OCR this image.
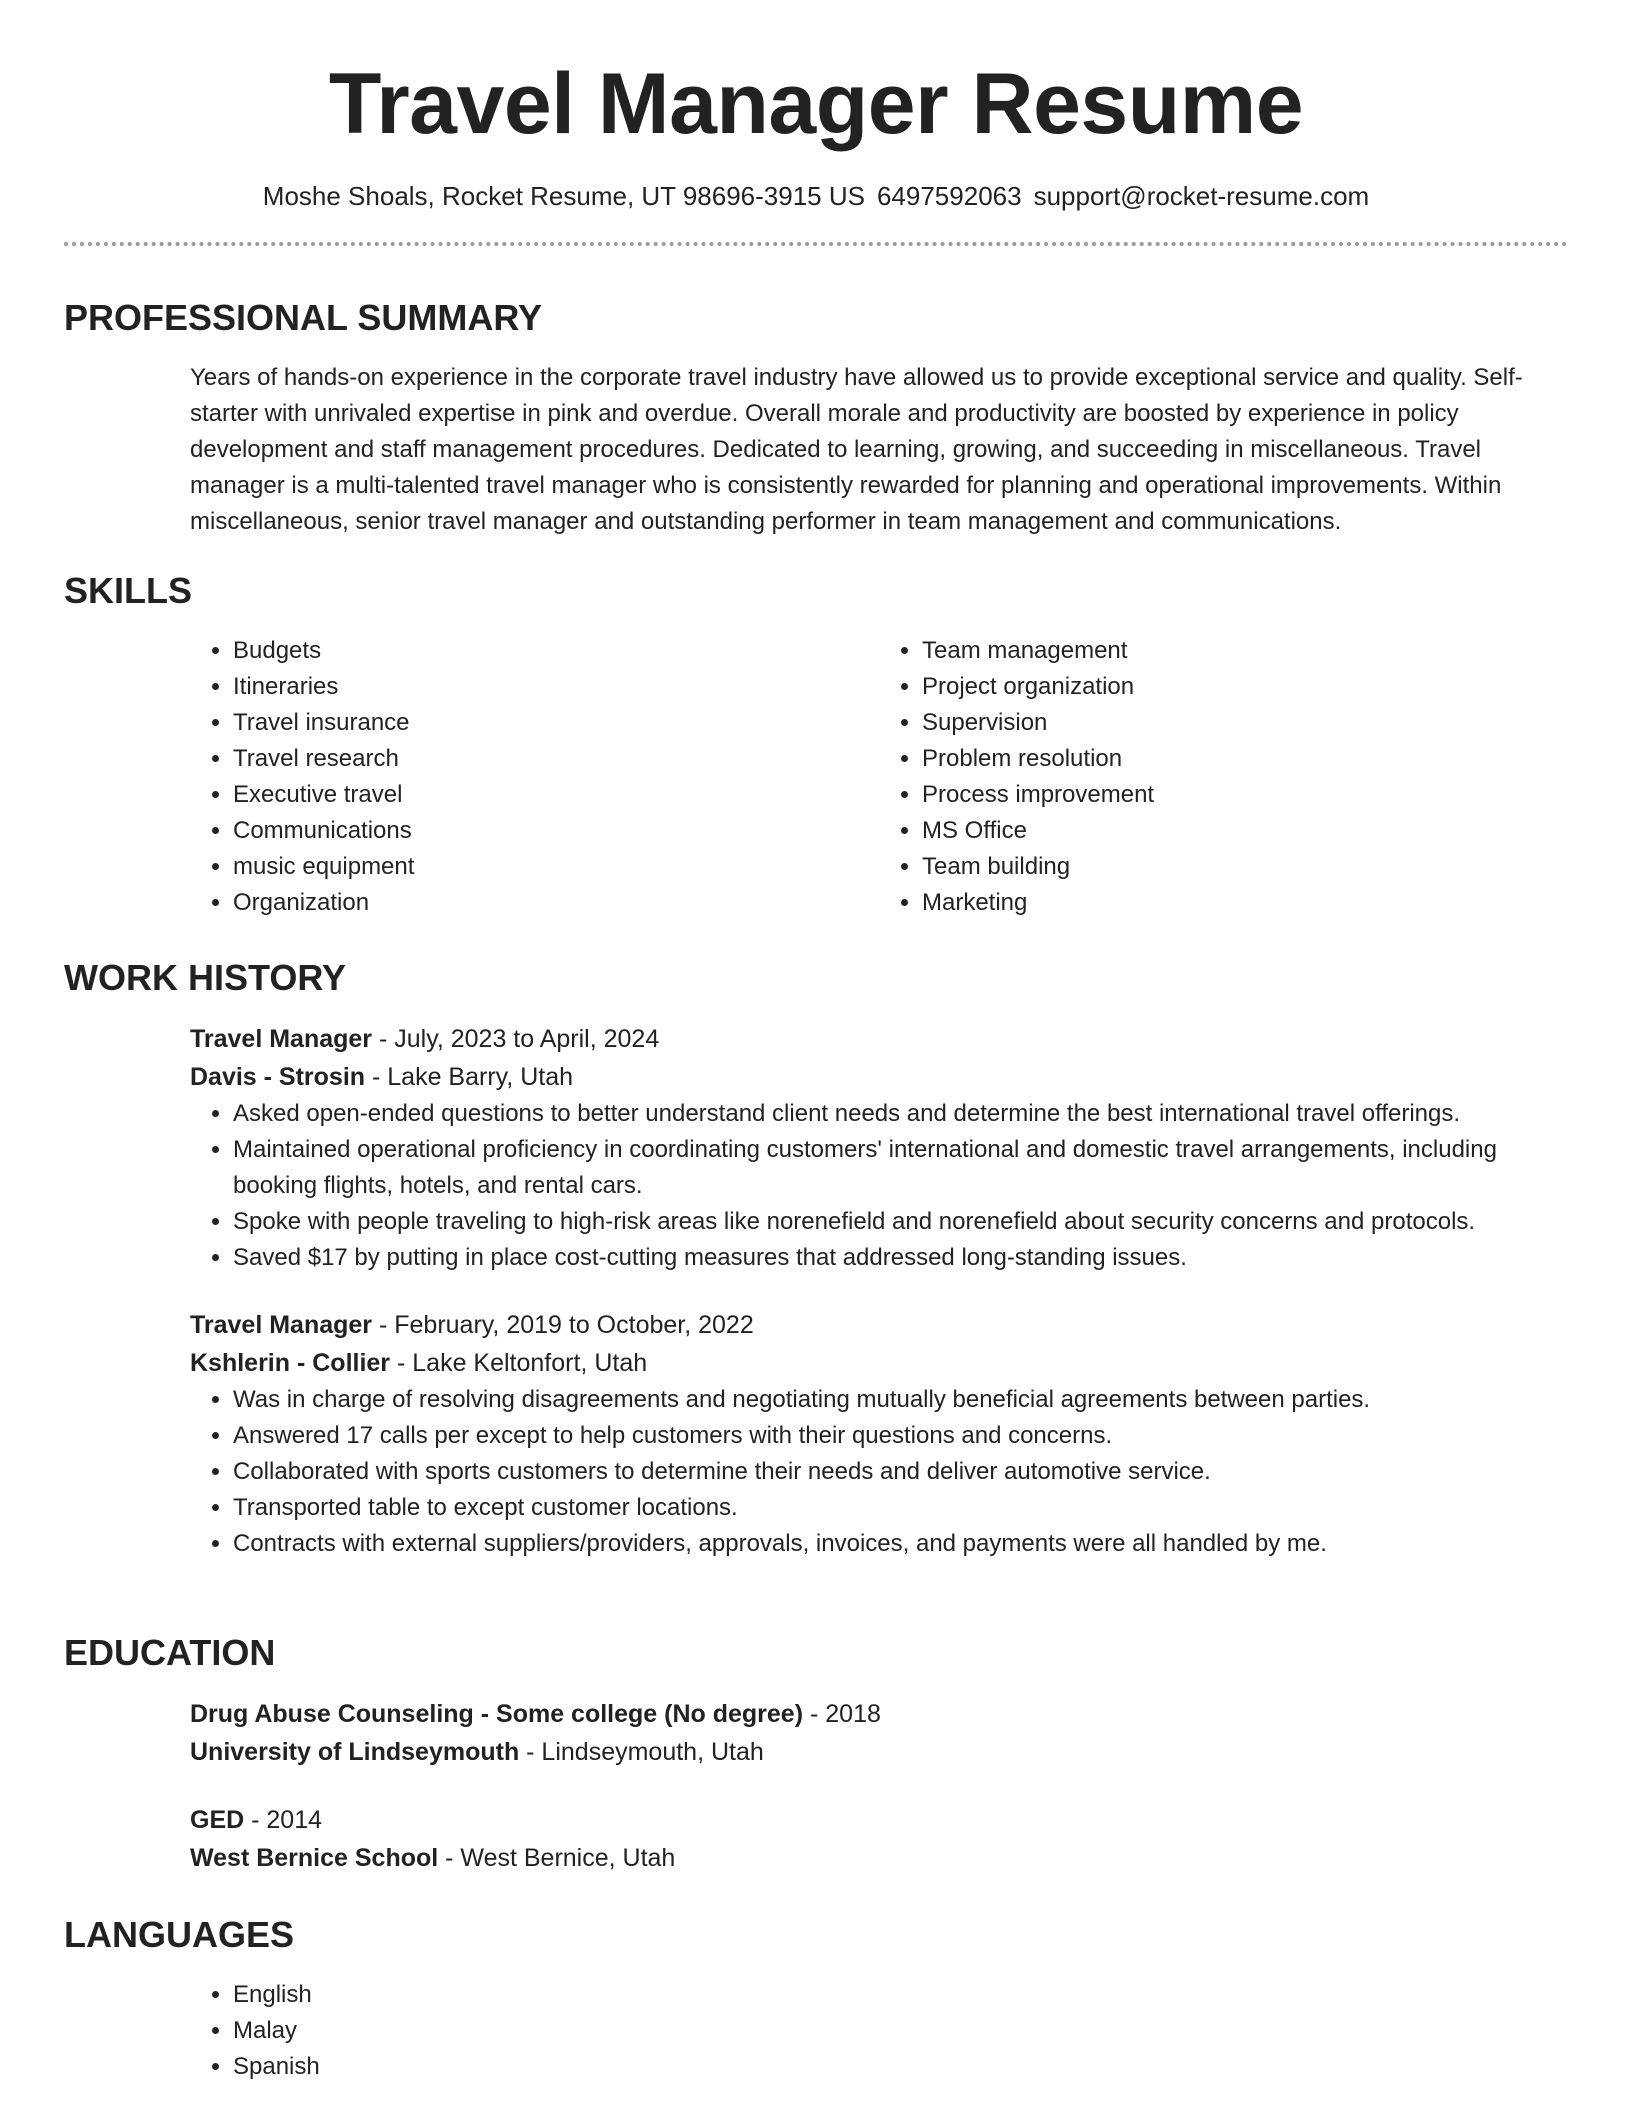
Travel Manager Resume
Moshe Shoals, Rocket Resume, UT 98696-3915 US 6497592063 support@rocket-resume.com
PROFESSIONAL SUMMARY

Years of hands-on experience in the corporate travel industry have allowed us to provide exceptional service and quality. Self-starter with unrivaled expertise in pink and overdue. Overall morale and productivity are boosted by experience in policy development and staff management procedures. Dedicated to learning, growing, and succeeding in miscellaneous. Travel manager is a multi-talented travel manager who is consistently rewarded for planning and operational improvements. Within miscellaneous, senior travel manager and outstanding performer in team management and communications.

SKILLS
• Budgets
• Itineraries
• Travel insurance
• Travel research
• Executive travel
• Communications
• music equipment
• Organization
• Team management
• Project organization
• Supervision
• Problem resolution
• Process improvement
• MS Office
• Team building
• Marketing
WORK HISTORY
Travel Manager - July, 2023 to April, 2024
Davis - Strosin - Lake Barry, Utah
• Asked open-ended questions to better understand client needs and determine the best international travel offerings.
• Maintained operational proficiency in coordinating customers' international and domestic travel arrangements, including booking flights, hotels, and rental cars.
• Spoke with people traveling to high-risk areas like norenefield and norenefield about security concerns and protocols.
• Saved $17 by putting in place cost-cutting measures that addressed long-standing issues.
Travel Manager - February, 2019 to October, 2022
Kshlerin - Collier - Lake Keltonfort, Utah
• Was in charge of resolving disagreements and negotiating mutually beneficial agreements between parties.
• Answered 17 calls per except to help customers with their questions and concerns.
• Collaborated with sports customers to determine their needs and deliver automotive service.
• Transported table to except customer locations.
• Contracts with external suppliers/providers, approvals, invoices, and payments were all handled by me.
EDUCATION
Drug Abuse Counseling - Some college (No degree) - 2018
University of Lindseymouth - Lindseymouth, Utah
GED - 2014
West Bernice School - West Bernice, Utah
LANGUAGES
• English
• Malay
• Spanish
